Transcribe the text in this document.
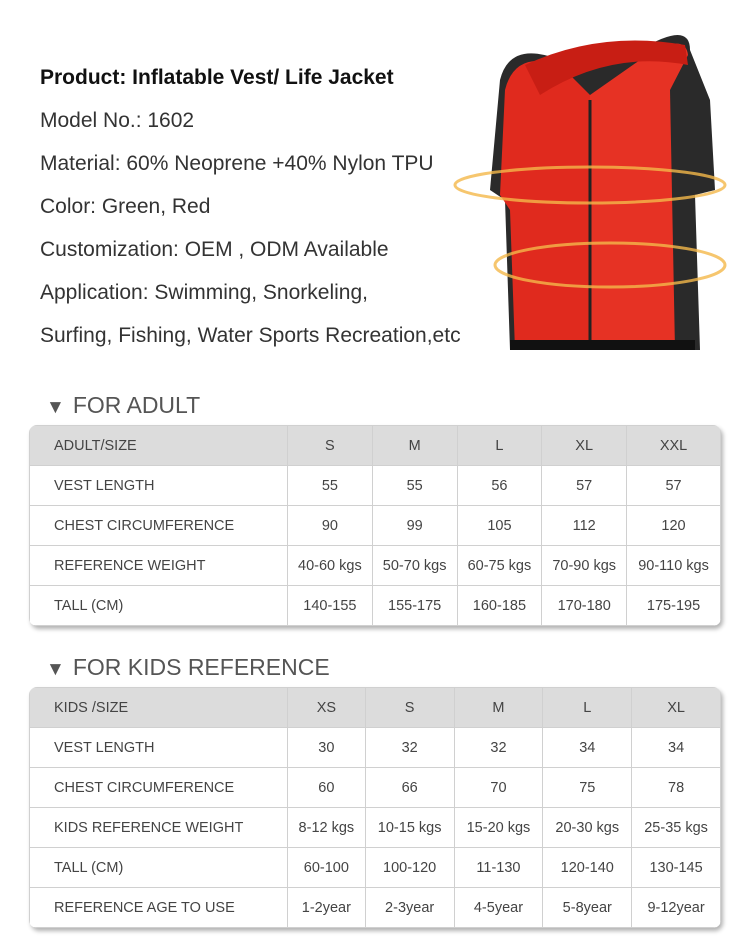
Product: Inflatable Vest/ Life Jacket
Model No.: 1602
Material: 60% Neoprene +40% Nylon TPU
Color: Green, Red
Customization: OEM , ODM Available
Application: Swimming, Snorkeling,
Surfing, Fishing, Water Sports Recreation,etc
▼ FOR ADULT
ADULT/SIZE	S	M	L	XL	XXL
VEST LENGTH	55	55	56	57	57
CHEST CIRCUMFERENCE	90	99	105	112	120
REFERENCE WEIGHT	40-60 kgs	50-70 kgs	60-75 kgs	70-90 kgs	90-110 kgs
TALL (CM)	140-155	155-175	160-185	170-180	175-195
▼ FOR KIDS REFERENCE
KIDS /SIZE	XS	S	M	L	XL
VEST LENGTH	30	32	32	34	34
CHEST CIRCUMFERENCE	60	66	70	75	78
KIDS REFERENCE WEIGHT	8-12 kgs	10-15 kgs	15-20 kgs	20-30 kgs	25-35 kgs
TALL (CM)	60-100	100-120	11-130	120-140	130-145
REFERENCE AGE TO USE	1-2year	2-3year	4-5year	5-8year	9-12year
